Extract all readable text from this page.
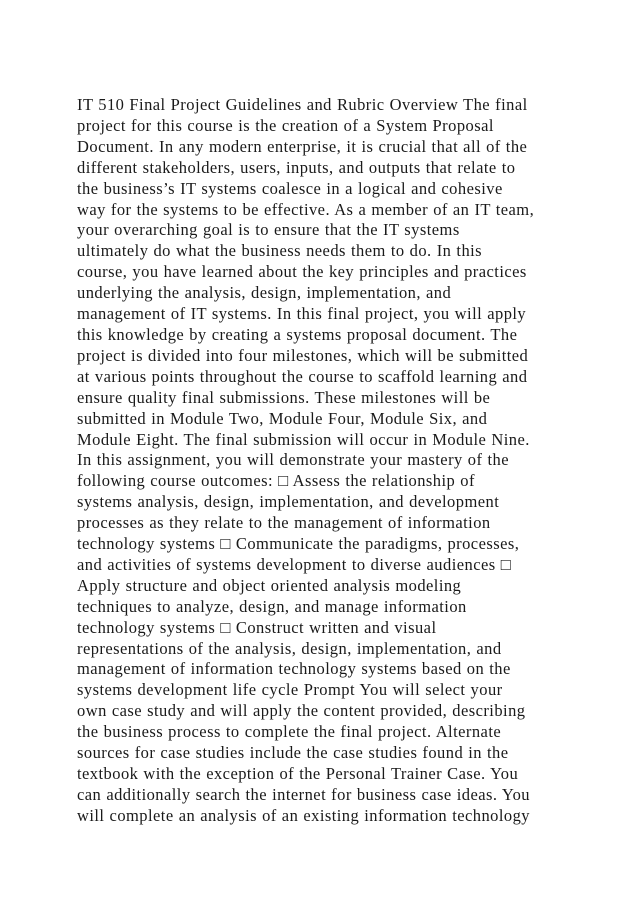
IT 510 Final Project Guidelines and Rubric Overview The final
project for this course is the creation of a System Proposal
Document. In any modern enterprise, it is crucial that all of the
different stakeholders, users, inputs, and outputs that relate to
the business’s IT systems coalesce in a logical and cohesive
way for the systems to be effective. As a member of an IT team,
your overarching goal is to ensure that the IT systems
ultimately do what the business needs them to do. In this
course, you have learned about the key principles and practices
underlying the analysis, design, implementation, and
management of IT systems. In this final project, you will apply
this knowledge by creating a systems proposal document. The
project is divided into four milestones, which will be submitted
at various points throughout the course to scaffold learning and
ensure quality final submissions. These milestones will be
submitted in Module Two, Module Four, Module Six, and
Module Eight. The final submission will occur in Module Nine.
In this assignment, you will demonstrate your mastery of the
following course outcomes: □ Assess the relationship of
systems analysis, design, implementation, and development
processes as they relate to the management of information
technology systems □ Communicate the paradigms, processes,
and activities of systems development to diverse audiences □
Apply structure and object oriented analysis modeling
techniques to analyze, design, and manage information
technology systems □ Construct written and visual
representations of the analysis, design, implementation, and
management of information technology systems based on the
systems development life cycle Prompt You will select your
own case study and will apply the content provided, describing
the business process to complete the final project. Alternate
sources for case studies include the case studies found in the
textbook with the exception of the Personal Trainer Case. You
can additionally search the internet for business case ideas. You
will complete an analysis of an existing information technology
